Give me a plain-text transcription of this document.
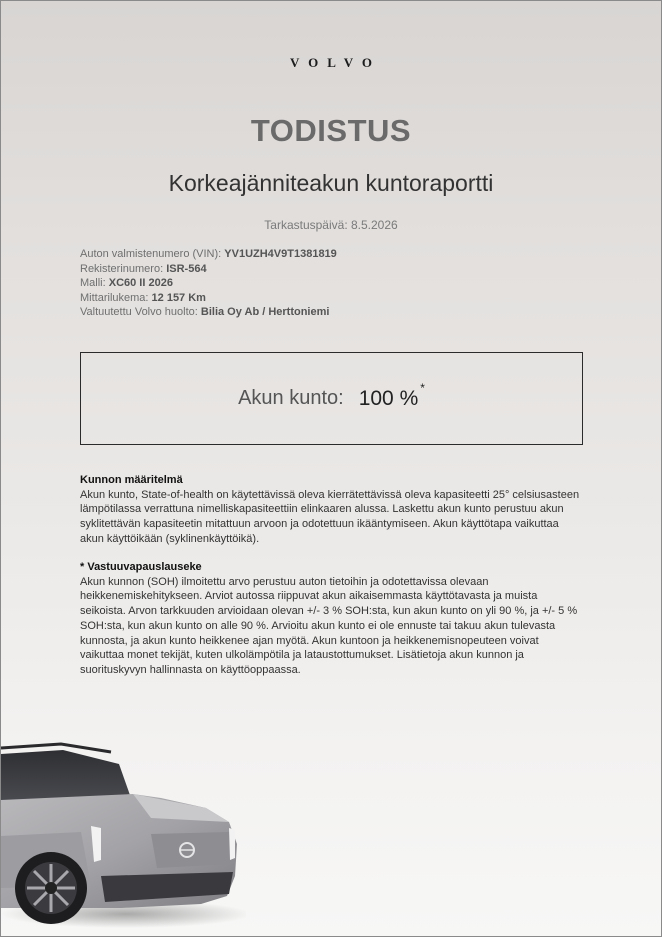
VOLVO
TODISTUS
Korkeajänniteakun kuntoraportti
Tarkastuspäivä: 8.5.2026
Auton valmistenumero (VIN): YV1UZH4V9T1381819
Rekisterinumero: ISR-564
Malli: XC60 II 2026
Mittarilukema: 12 157 Km
Valtuutettu Volvo huolto: Bilia Oy Ab / Herttoniemi
Akun kunto: 100 % *
Kunnon määritelmä

Akun kunto, State-of-health on käytettävissä oleva kierrätettävissä oleva kapasiteetti 25° celsiusasteen lämpötilassa verrattuna nimelliskapasiteettiin elinkaaren alussa. Laskettu akun kunto perustuu akun syklitettävän kapasiteetin mitattuun arvoon ja odotettuun ikääntymiseen. Akun käyttötapa vaikuttaa akun käyttöikään (syklinenkäyttöikä).

* Vastuuvapauslauseke

Akun kunnon (SOH) ilmoitettu arvo perustuu auton tietoihin ja odotettavissa olevaan heikkenemiskehitykseen. Arviot autossa riippuvat akun aikaisemmasta käyttötavasta ja muista seikoista. Arvon tarkkuuden arvioidaan olevan +/- 3 % SOH:sta, kun akun kunto on yli 90 %, ja +/- 5 % SOH:sta, kun akun kunto on alle 90 %. Arvioitu akun kunto ei ole ennuste tai takuu akun tulevasta kunnosta, ja akun kunto heikkenee ajan myötä. Akun kuntoon ja heikkenemisnopeuteen voivat vaikuttaa monet tekijät, kuten ulkolämpötila ja lataustottumukset. Lisätietoja akun kunnon ja suorituskyvyn hallinnasta on käyttöoppaassa.
